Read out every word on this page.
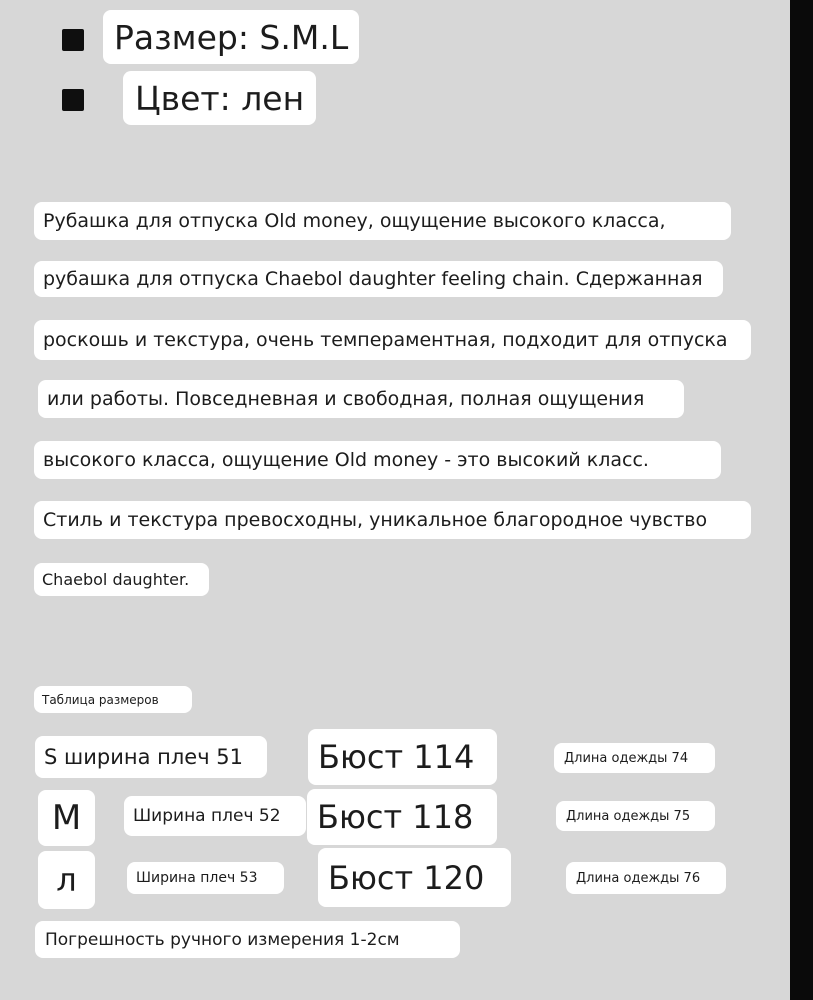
Размер: S.M.L
Цвет: лен
Рубашка для отпуска Old money, ощущение высокого класса,
рубашка для отпуска Chaebol daughter feeling chain. Сдержанная
роскошь и текстура, очень темпераментная, подходит для отпуска
или работы. Повседневная и свободная, полная ощущения
высокого класса, ощущение Old money - это высокий класс.
Стиль и текстура превосходны, уникальное благородное чувство
Chaebol daughter.
Таблица размеров
S ширина плеч 51	Бюст 114	Длина одежды 74
М	Ширина плеч 52	Бюст 118	Длина одежды 75
л	Ширина плеч 53	Бюст 120	Длина одежды 76
Погрешность ручного измерения 1-2см
